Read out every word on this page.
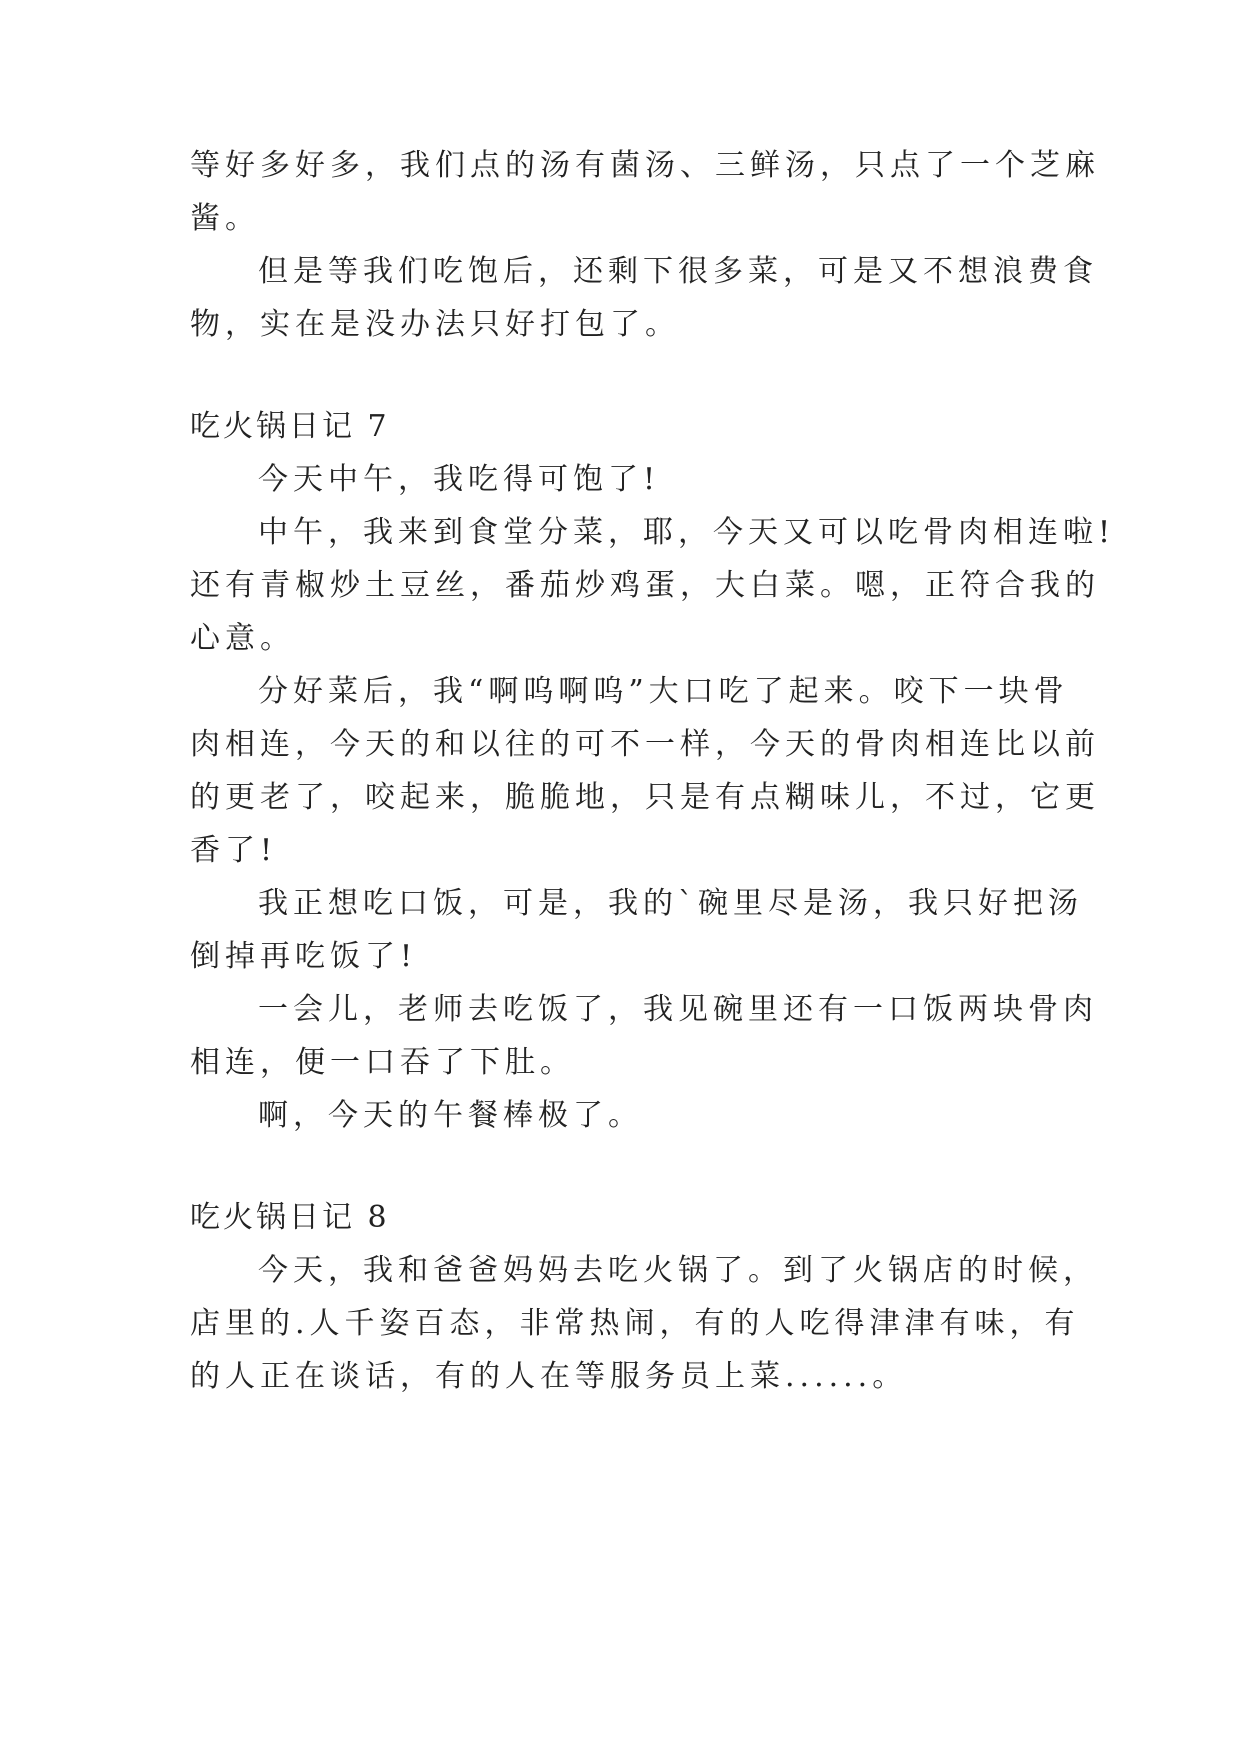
等好多好多，我们点的汤有菌汤、三鲜汤，只点了一个芝麻
酱。
但是等我们吃饱后，还剩下很多菜，可是又不想浪费食
物，实在是没办法只好打包了。
吃火锅日记 7
今天中午，我吃得可饱了!
中午，我来到食堂分菜，耶，今天又可以吃骨肉相连啦!
还有青椒炒土豆丝，番茄炒鸡蛋，大白菜。嗯，正符合我的
心意。
分好菜后，我“啊呜啊呜”大口吃了起来。咬下一块骨
肉相连，今天的和以往的可不一样，今天的骨肉相连比以前
的更老了，咬起来，脆脆地，只是有点糊味儿，不过，它更
香了!
我正想吃口饭，可是，我的`碗里尽是汤，我只好把汤
倒掉再吃饭了!
一会儿，老师去吃饭了，我见碗里还有一口饭两块骨肉
相连，便一口吞了下肚。
啊，今天的午餐棒极了。
吃火锅日记 8
今天，我和爸爸妈妈去吃火锅了。到了火锅店的时候，
店里的.人千姿百态，非常热闹，有的人吃得津津有味，有
的人正在谈话，有的人在等服务员上菜......。
